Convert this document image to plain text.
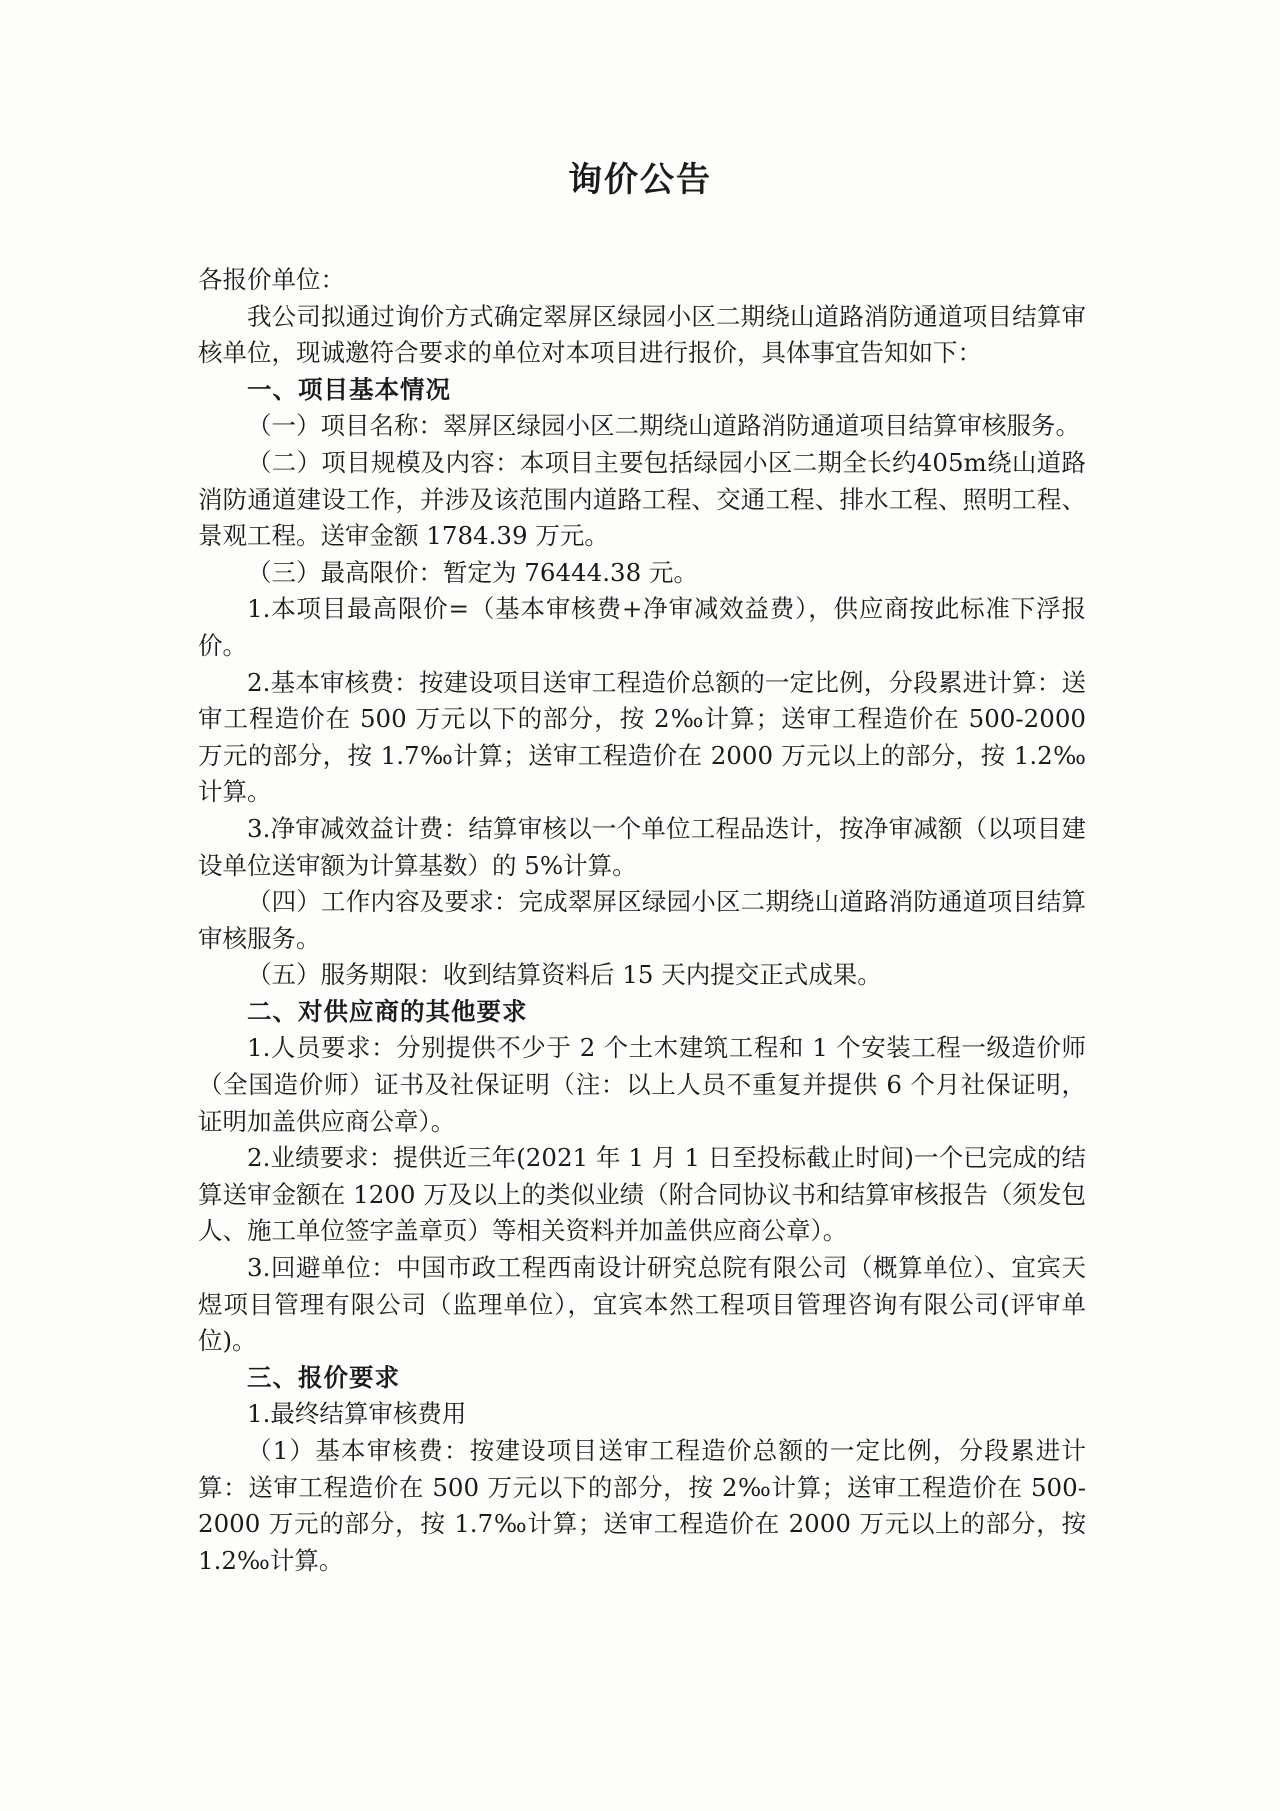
询价公告

各报价单位：

我公司拟通过询价方式确定翠屏区绿园小区二期绕山道路消防通道项目结算审核单位，现诚邀符合要求的单位对本项目进行报价，具体事宜告知如下：

一、项目基本情况

（一）项目名称：翠屏区绿园小区二期绕山道路消防通道项目结算审核服务。

（二）项目规模及内容：本项目主要包括绿园小区二期全长约405m绕山道路消防通道建设工作，并涉及该范围内道路工程、交通工程、排水工程、照明工程、景观工程。送审金额 1784.39 万元。

（三）最高限价：暂定为 76444.38 元。

1.本项目最高限价=（基本审核费+净审减效益费），供应商按此标准下浮报价。

2.基本审核费：按建设项目送审工程造价总额的一定比例，分段累进计算：送审工程造价在 500 万元以下的部分，按 2‰计算；送审工程造价在 500-2000 万元的部分，按 1.7‰计算；送审工程造价在 2000 万元以上的部分，按 1.2‰计算。

3.净审减效益计费：结算审核以一个单位工程品迭计，按净审减额（以项目建设单位送审额为计算基数）的 5%计算。

（四）工作内容及要求：完成翠屏区绿园小区二期绕山道路消防通道项目结算审核服务。

（五）服务期限：收到结算资料后 15 天内提交正式成果。

二、对供应商的其他要求

1.人员要求：分别提供不少于 2 个土木建筑工程和 1 个安装工程一级造价师（全国造价师）证书及社保证明（注：以上人员不重复并提供 6 个月社保证明，证明加盖供应商公章）。

2.业绩要求：提供近三年(2021 年 1 月 1 日至投标截止时间)一个已完成的结算送审金额在 1200 万及以上的类似业绩（附合同协议书和结算审核报告（须发包人、施工单位签字盖章页）等相关资料并加盖供应商公章）。

3.回避单位：中国市政工程西南设计研究总院有限公司（概算单位）、宜宾天煜项目管理有限公司（监理单位），宜宾本然工程项目管理咨询有限公司(评审单位)。

三、报价要求

1.最终结算审核费用

（1）基本审核费：按建设项目送审工程造价总额的一定比例，分段累进计算：送审工程造价在 500 万元以下的部分，按 2‰计算；送审工程造价在 500-2000 万元的部分，按 1.7‰计算；送审工程造价在 2000 万元以上的部分，按 1.2‰计算。
